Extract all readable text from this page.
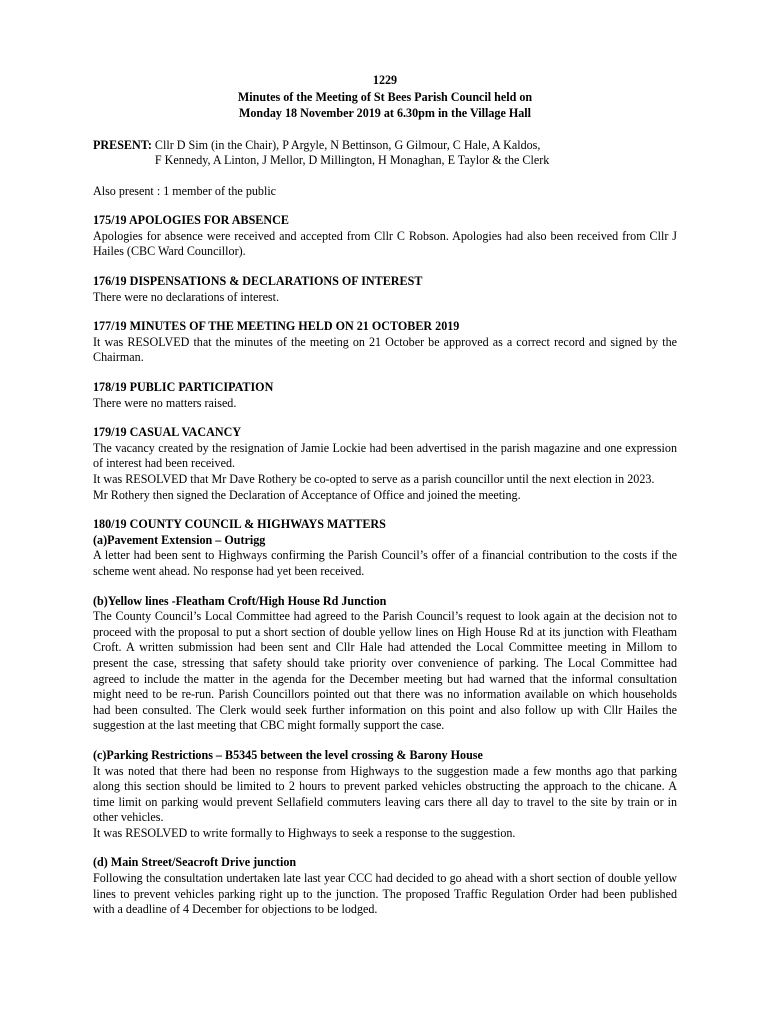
1229
Minutes of the Meeting of St Bees Parish Council held on
Monday 18 November 2019 at 6.30pm in the Village Hall
PRESENT: Cllr D Sim (in the Chair), P Argyle, N Bettinson, G Gilmour, C Hale, A Kaldos,
F Kennedy, A Linton, J Mellor, D Millington, H Monaghan, E Taylor & the Clerk
Also present : 1 member of the public
175/19 APOLOGIES FOR ABSENCE

Apologies for absence were received and accepted from Cllr C Robson. Apologies had also been received from Cllr J Hailes (CBC Ward Councillor).

176/19 DISPENSATIONS & DECLARATIONS OF INTEREST

There were no declarations of interest.

177/19 MINUTES OF THE MEETING HELD ON 21 OCTOBER 2019

It was RESOLVED that the minutes of the meeting on 21 October be approved as a correct record and signed by the Chairman.

178/19 PUBLIC PARTICIPATION

There were no matters raised.

179/19 CASUAL VACANCY

The vacancy created by the resignation of Jamie Lockie had been advertised in the parish magazine and one expression of interest had been received.

It was RESOLVED that Mr Dave Rothery be co-opted to serve as a parish councillor until the next election in 2023.

Mr Rothery then signed the Declaration of Acceptance of Office and joined the meeting.

180/19 COUNTY COUNCIL & HIGHWAYS MATTERS
(a)Pavement Extension – Outrigg

A letter had been sent to Highways confirming the Parish Council’s offer of a financial contribution to the costs if the scheme went ahead. No response had yet been received.

(b)Yellow lines -Fleatham Croft/High House Rd Junction

The County Council’s Local Committee had agreed to the Parish Council’s request to look again at the decision not to proceed with the proposal to put a short section of double yellow lines on High House Rd at its junction with Fleatham Croft. A written submission had been sent and Cllr Hale had attended the Local Committee meeting in Millom to present the case, stressing that safety should take priority over convenience of parking. The Local Committee had agreed to include the matter in the agenda for the December meeting but had warned that the informal consultation might need to be re-run. Parish Councillors pointed out that there was no information available on which households had been consulted. The Clerk would seek further information on this point and also follow up with Cllr Hailes the suggestion at the last meeting that CBC might formally support the case.

(c)Parking Restrictions – B5345 between the level crossing & Barony House

It was noted that there had been no response from Highways to the suggestion made a few months ago that parking along this section should be limited to 2 hours to prevent parked vehicles obstructing the approach to the chicane. A time limit on parking would prevent Sellafield commuters leaving cars there all day to travel to the site by train or in other vehicles.

It was RESOLVED to write formally to Highways to seek a response to the suggestion.

(d) Main Street/Seacroft Drive junction

Following the consultation undertaken late last year CCC had decided to go ahead with a short section of double yellow lines to prevent vehicles parking right up to the junction. The proposed Traffic Regulation Order had been published with a deadline of 4 December for objections to be lodged.
